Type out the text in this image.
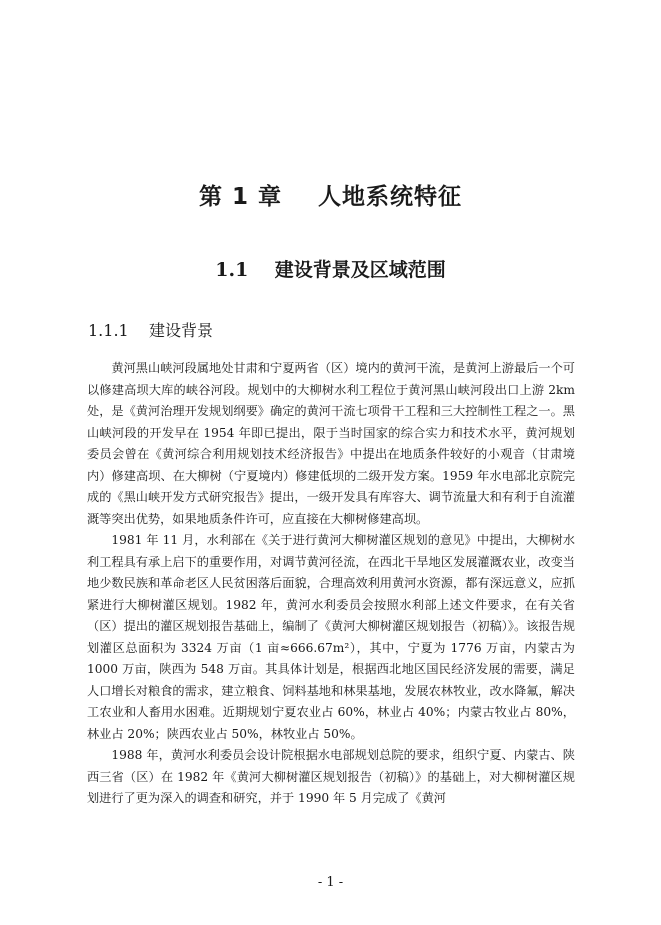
第 1 章    人地系统特征
1.1    建设背景及区域范围
1.1.1    建设背景

黄河黑山峡河段属地处甘肃和宁夏两省（区）境内的黄河干流，是黄河上游最后一个可以修建高坝大库的峡谷河段。规划中的大柳树水利工程位于黄河黑山峡河段出口上游 2km 处，是《黄河治理开发规划纲要》确定的黄河干流七项骨干工程和三大控制性工程之一。黑山峡河段的开发早在 1954 年即已提出，限于当时国家的综合实力和技术水平，黄河规划委员会曾在《黄河综合利用规划技术经济报告》中提出在地质条件较好的小观音（甘肃境内）修建高坝、在大柳树（宁夏境内）修建低坝的二级开发方案。1959 年水电部北京院完成的《黑山峡开发方式研究报告》提出，一级开发具有库容大、调节流量大和有利于自流灌溉等突出优势，如果地质条件许可，应直接在大柳树修建高坝。

1981 年 11 月，水利部在《关于进行黄河大柳树灌区规划的意见》中提出，大柳树水利工程具有承上启下的重要作用，对调节黄河径流，在西北干旱地区发展灌溉农业，改变当地少数民族和革命老区人民贫困落后面貌，合理高效利用黄河水资源，都有深远意义，应抓紧进行大柳树灌区规划。1982 年，黄河水利委员会按照水利部上述文件要求，在有关省（区）提出的灌区规划报告基础上，编制了《黄河大柳树灌区规划报告（初稿）》。该报告规划灌区总面积为 3324 万亩（1 亩≈666.67m²），其中，宁夏为 1776 万亩，内蒙古为 1000 万亩，陕西为 548 万亩。其具体计划是，根据西北地区国民经济发展的需要，满足人口增长对粮食的需求，建立粮食、饲料基地和林果基地，发展农林牧业，改水降氟，解决工农业和人畜用水困难。近期规划宁夏农业占 60%，林业占 40%；内蒙古牧业占 80%，林业占 20%；陕西农业占 50%，林牧业占 50%。

1988 年，黄河水利委员会设计院根据水电部规划总院的要求，组织宁夏、内蒙古、陕西三省（区）在 1982 年《黄河大柳树灌区规划报告（初稿）》的基础上，对大柳树灌区规划进行了更为深入的调查和研究，并于 1990 年 5 月完成了《黄河

- 1 -
